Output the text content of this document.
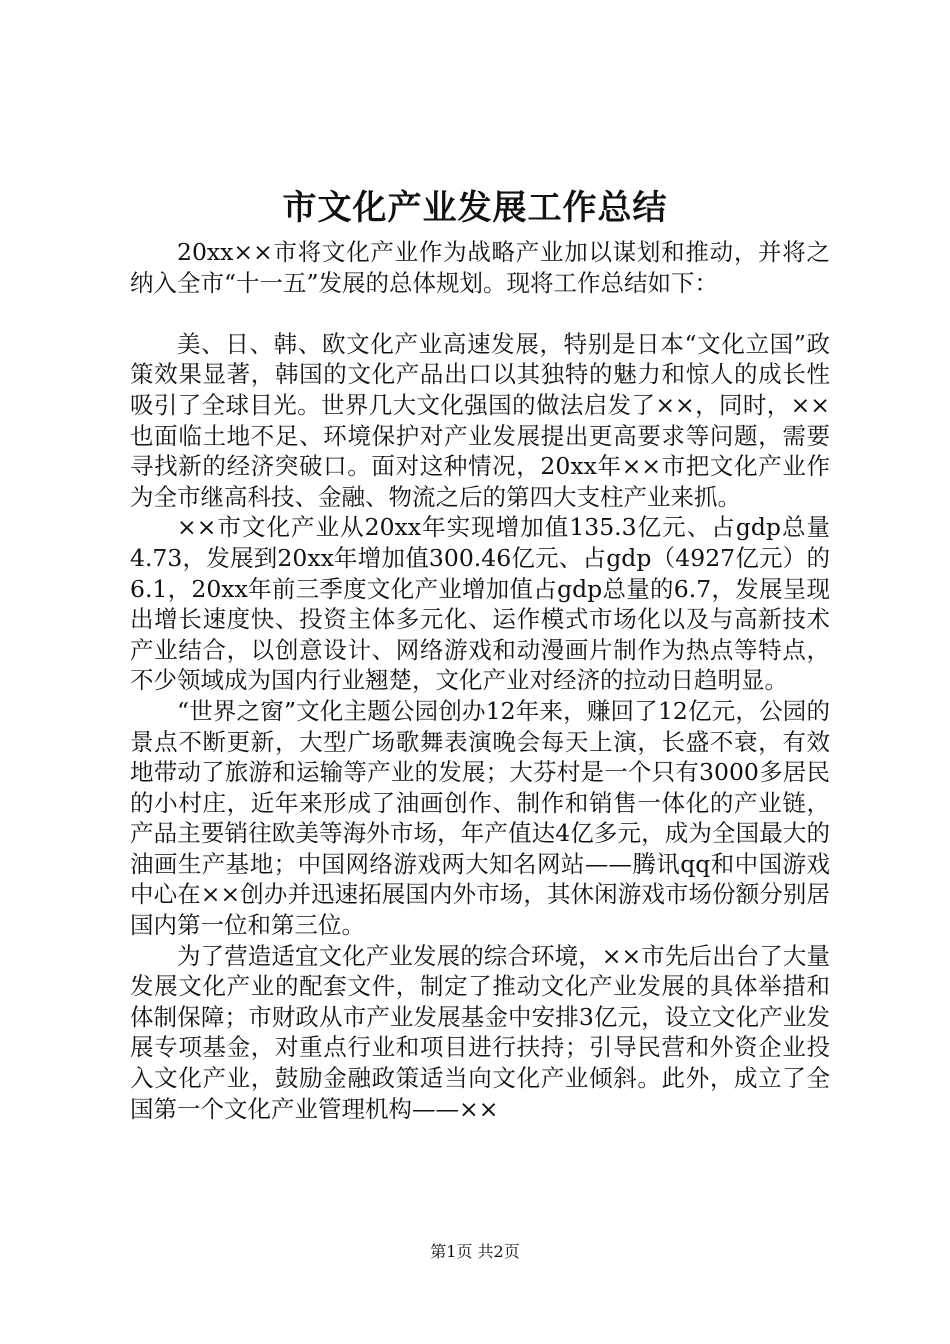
市文化产业发展工作总结

20xx××市将文化产业作为战略产业加以谋划和推动，并将之纳入全市“十一五”发展的总体规划。现将工作总结如下：

美、日、韩、欧文化产业高速发展，特别是日本“文化立国”政策效果显著，韩国的文化产品出口以其独特的魅力和惊人的成长性吸引了全球目光。世界几大文化强国的做法启发了××，同时，××也面临土地不足、环境保护对产业发展提出更高要求等问题，需要寻找新的经济突破口。面对这种情况，20xx年××市把文化产业作为全市继高科技、金融、物流之后的第四大支柱产业来抓。

××市文化产业从20xx年实现增加值135.3亿元、占gdp总量4.73，发展到20xx年增加值300.46亿元、占gdp（4927亿元）的6.1，20xx年前三季度文化产业增加值占gdp总量的6.7，发展呈现出增长速度快、投资主体多元化、运作模式市场化以及与高新技术产业结合，以创意设计、网络游戏和动漫画片制作为热点等特点，不少领域成为国内行业翘楚，文化产业对经济的拉动日趋明显。

“世界之窗”文化主题公园创办12年来，赚回了12亿元，公园的景点不断更新，大型广场歌舞表演晚会每天上演，长盛不衰，有效地带动了旅游和运输等产业的发展；大芬村是一个只有3000多居民的小村庄，近年来形成了油画创作、制作和销售一体化的产业链，产品主要销往欧美等海外市场，年产值达4亿多元，成为全国最大的油画生产基地；中国网络游戏两大知名网站——腾讯qq和中国游戏中心在××创办并迅速拓展国内外市场，其休闲游戏市场份额分别居国内第一位和第三位。

为了营造适宜文化产业发展的综合环境，××市先后出台了大量发展文化产业的配套文件，制定了推动文化产业发展的具体举措和体制保障；市财政从市产业发展基金中安排3亿元，设立文化产业发展专项基金，对重点行业和项目进行扶持；引导民营和外资企业投入文化产业，鼓励金融政策适当向文化产业倾斜。此外，成立了全国第一个文化产业管理机构——××

第1页 共2页
